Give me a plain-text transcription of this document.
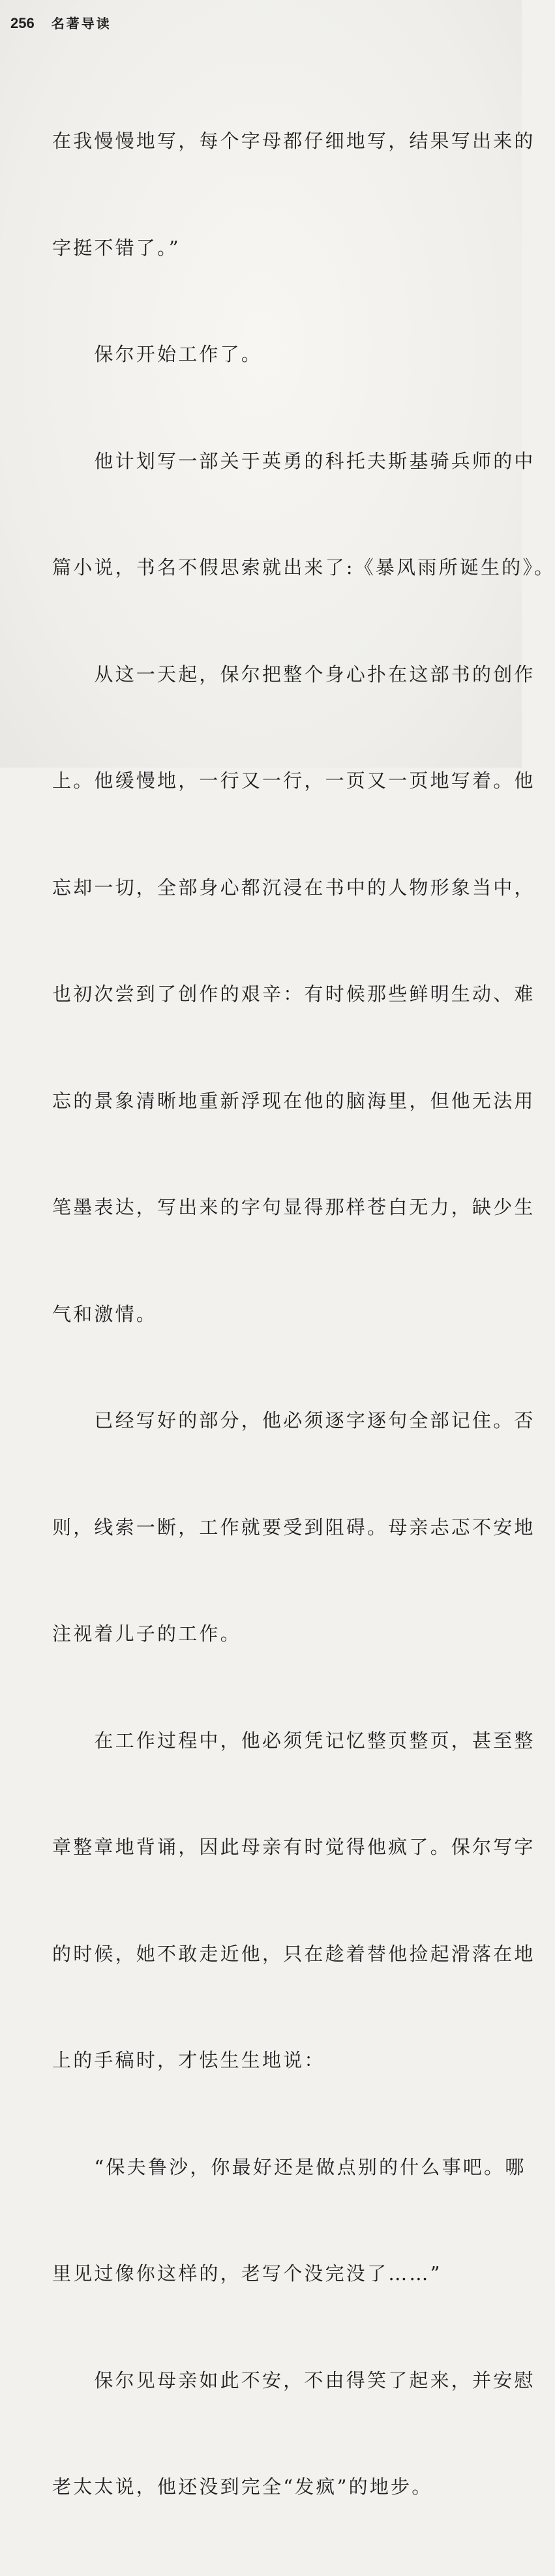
256 名著导读

在我慢慢地写，每个字母都仔细地写，结果写出来的

字挺不错了。”

　　保尔开始工作了。

　　他计划写一部关于英勇的科托夫斯基骑兵师的中

篇小说，书名不假思索就出来了:《暴风雨所诞生的》。

　　从这一天起，保尔把整个身心扑在这部书的创作

上。他缓慢地，一行又一行，一页又一页地写着。他

忘却一切，全部身心都沉浸在书中的人物形象当中，

也初次尝到了创作的艰辛：有时候那些鲜明生动、难

忘的景象清晰地重新浮现在他的脑海里，但他无法用

笔墨表达，写出来的字句显得那样苍白无力，缺少生

气和激情。

　　已经写好的部分，他必须逐字逐句全部记住。否

则，线索一断，工作就要受到阻碍。母亲忐忑不安地

注视着儿子的工作。

　　在工作过程中，他必须凭记忆整页整页，甚至整

章整章地背诵，因此母亲有时觉得他疯了。保尔写字

的时候，她不敢走近他，只在趁着替他捡起滑落在地

上的手稿时，才怯生生地说：

　　“保夫鲁沙，你最好还是做点别的什么事吧。哪

里见过像你这样的，老写个没完没了……”

　　保尔见母亲如此不安，不由得笑了起来，并安慰

老太太说，他还没到完全“发疯”的地步。
